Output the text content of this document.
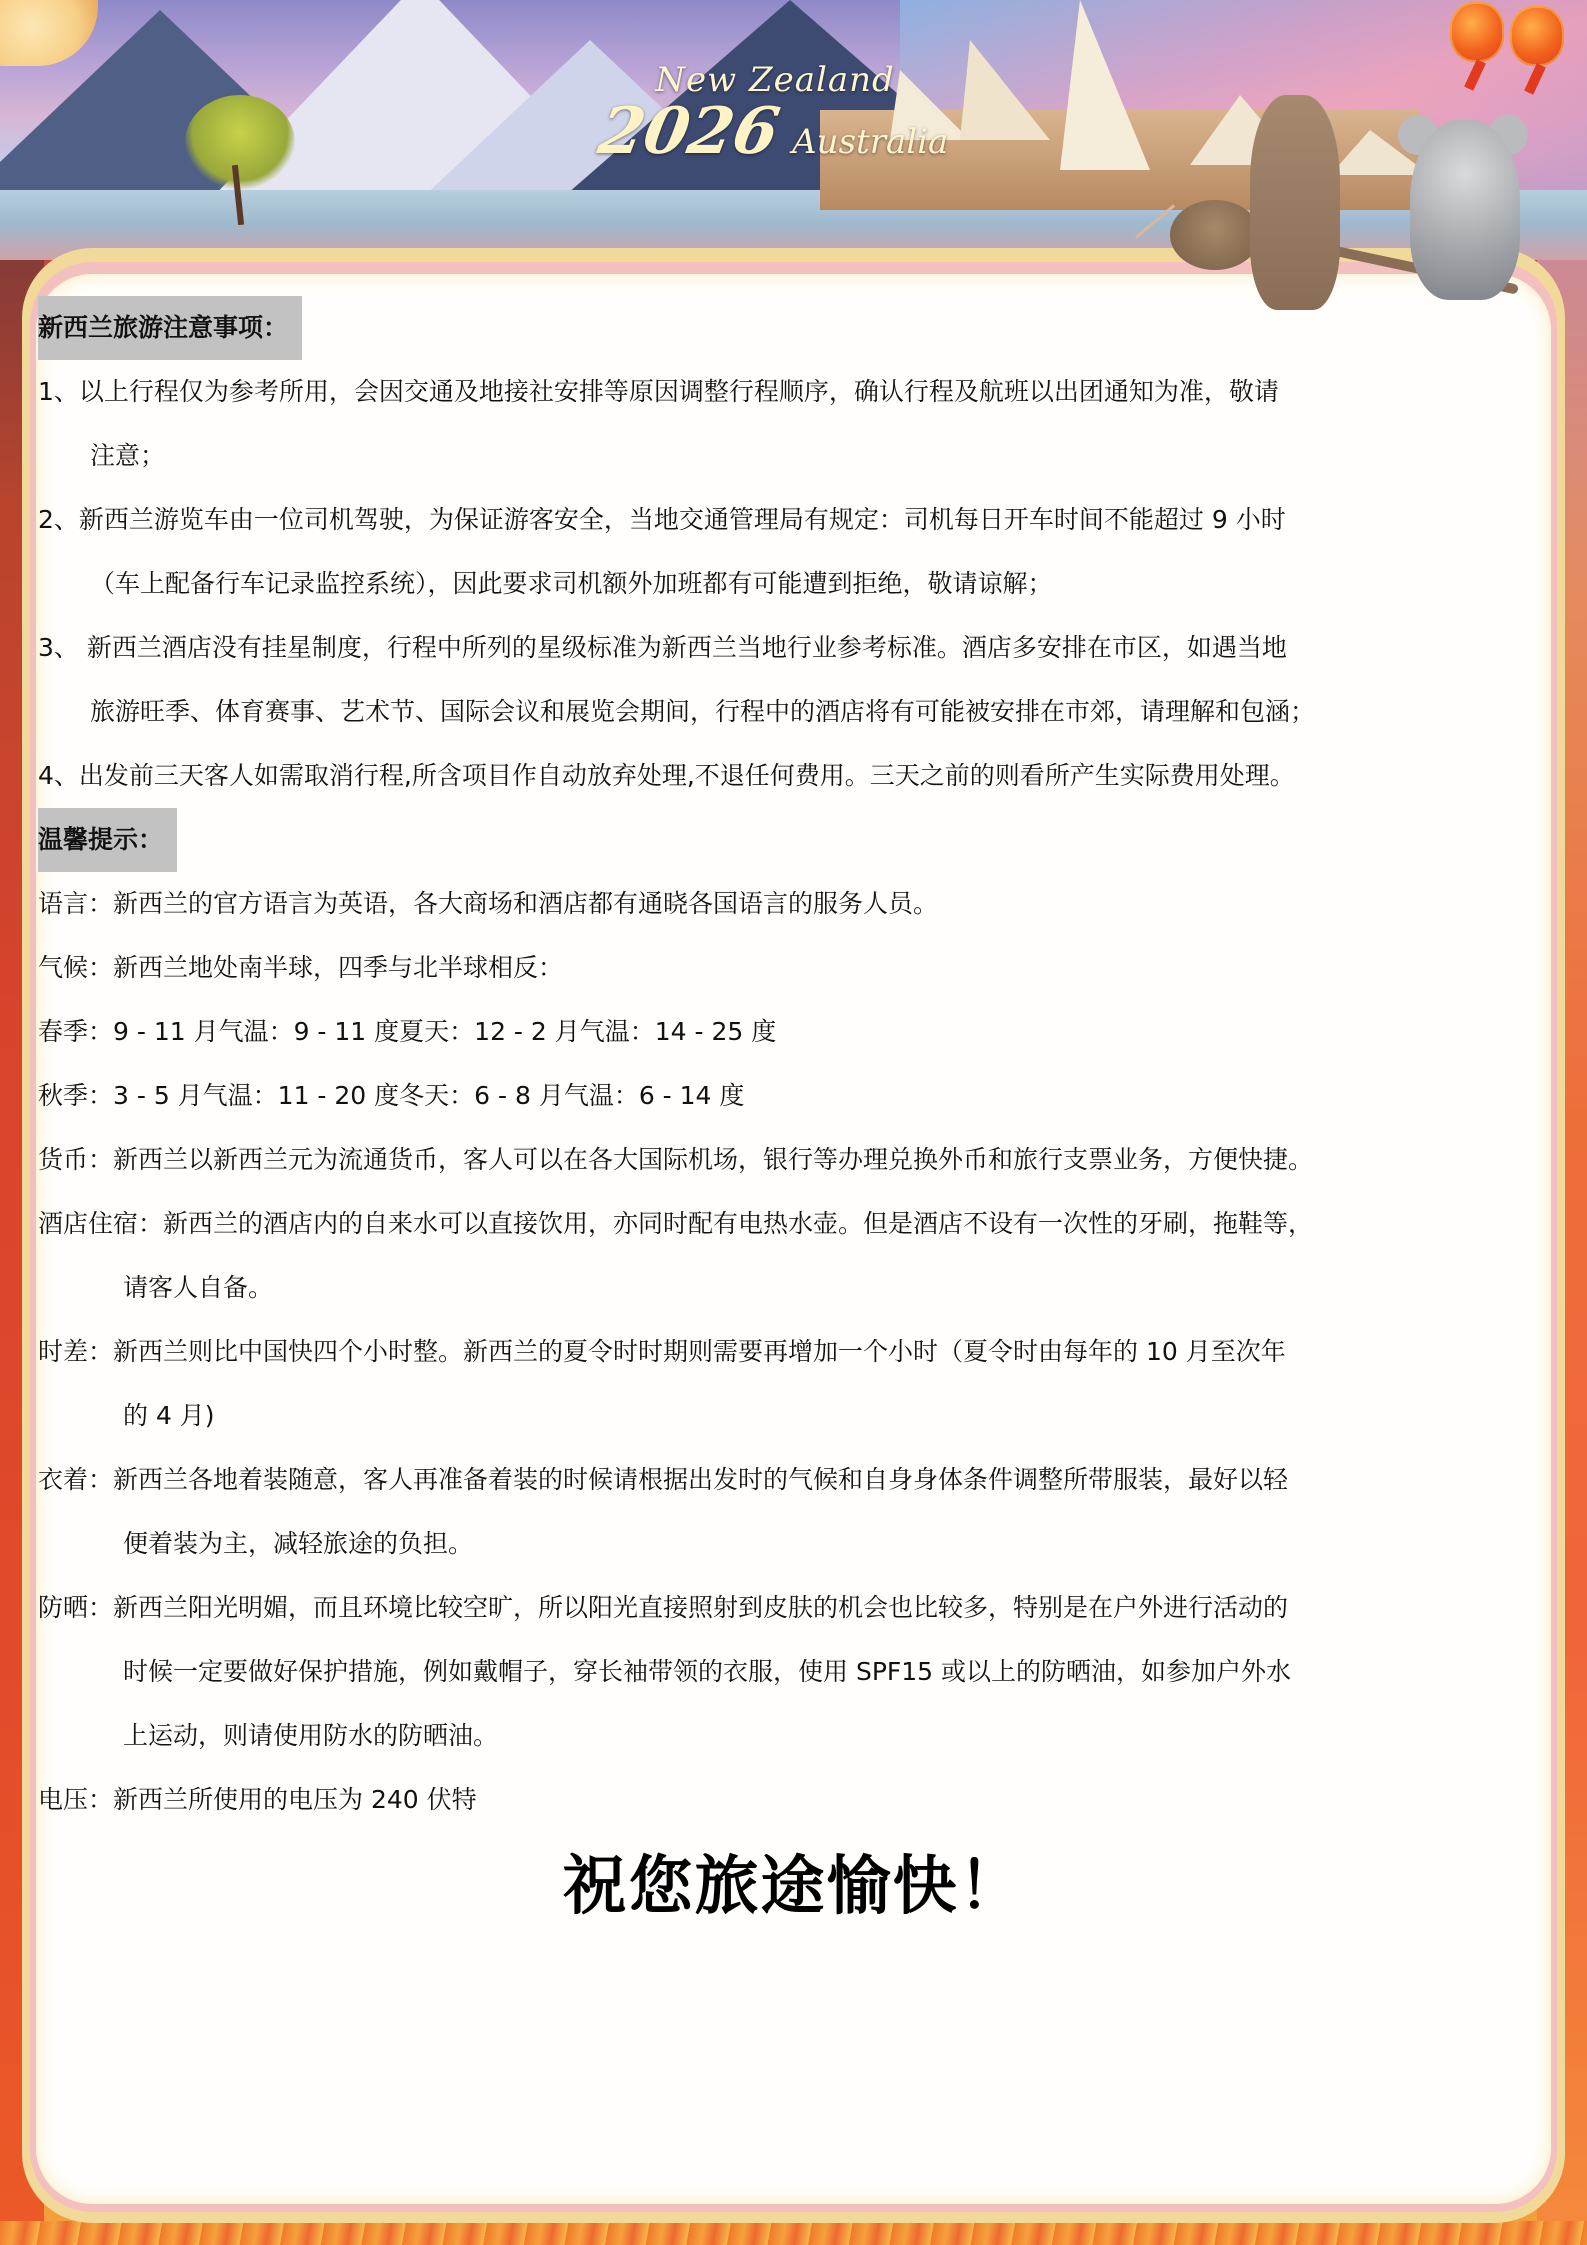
New Zealand
2026 Australia

新西兰旅游注意事项：

1、以上行程仅为参考所用，会因交通及地接社安排等原因调整行程顺序，确认行程及航班以出团通知为准，敬请

注意；

2、新西兰游览车由一位司机驾驶，为保证游客安全，当地交通管理局有规定：司机每日开车时间不能超过 9 小时

（车上配备行车记录监控系统），因此要求司机额外加班都有可能遭到拒绝，敬请谅解；

3、 新西兰酒店没有挂星制度，行程中所列的星级标准为新西兰当地行业参考标准。酒店多安排在市区，如遇当地

旅游旺季、体育赛事、艺术节、国际会议和展览会期间，行程中的酒店将有可能被安排在市郊，请理解和包涵；

4、出发前三天客人如需取消行程,所含项目作自动放弃处理,不退任何费用。三天之前的则看所产生实际费用处理。

温馨提示：

语言：新西兰的官方语言为英语，各大商场和酒店都有通晓各国语言的服务人员。

气候：新西兰地处南半球，四季与北半球相反：

春季：9 - 11 月气温：9 - 11 度夏天：12 - 2 月气温：14 - 25 度

秋季：3 - 5 月气温：11 - 20 度冬天：6 - 8 月气温：6 - 14 度

货币：新西兰以新西兰元为流通货币，客人可以在各大国际机场，银行等办理兑换外币和旅行支票业务，方便快捷。

酒店住宿：新西兰的酒店内的自来水可以直接饮用，亦同时配有电热水壶。但是酒店不设有一次性的牙刷，拖鞋等，

请客人自备。

时差：新西兰则比中国快四个小时整。新西兰的夏令时时期则需要再增加一个小时（夏令时由每年的 10 月至次年

的 4 月)

衣着：新西兰各地着装随意，客人再准备着装的时候请根据出发时的气候和自身身体条件调整所带服装，最好以轻

便着装为主，减轻旅途的负担。

防晒：新西兰阳光明媚，而且环境比较空旷，所以阳光直接照射到皮肤的机会也比较多，特别是在户外进行活动的

时候一定要做好保护措施，例如戴帽子，穿长袖带领的衣服，使用 SPF15 或以上的防晒油，如参加户外水

上运动，则请使用防水的防晒油。

电压：新西兰所使用的电压为 240 伏特

祝您旅途愉快！
